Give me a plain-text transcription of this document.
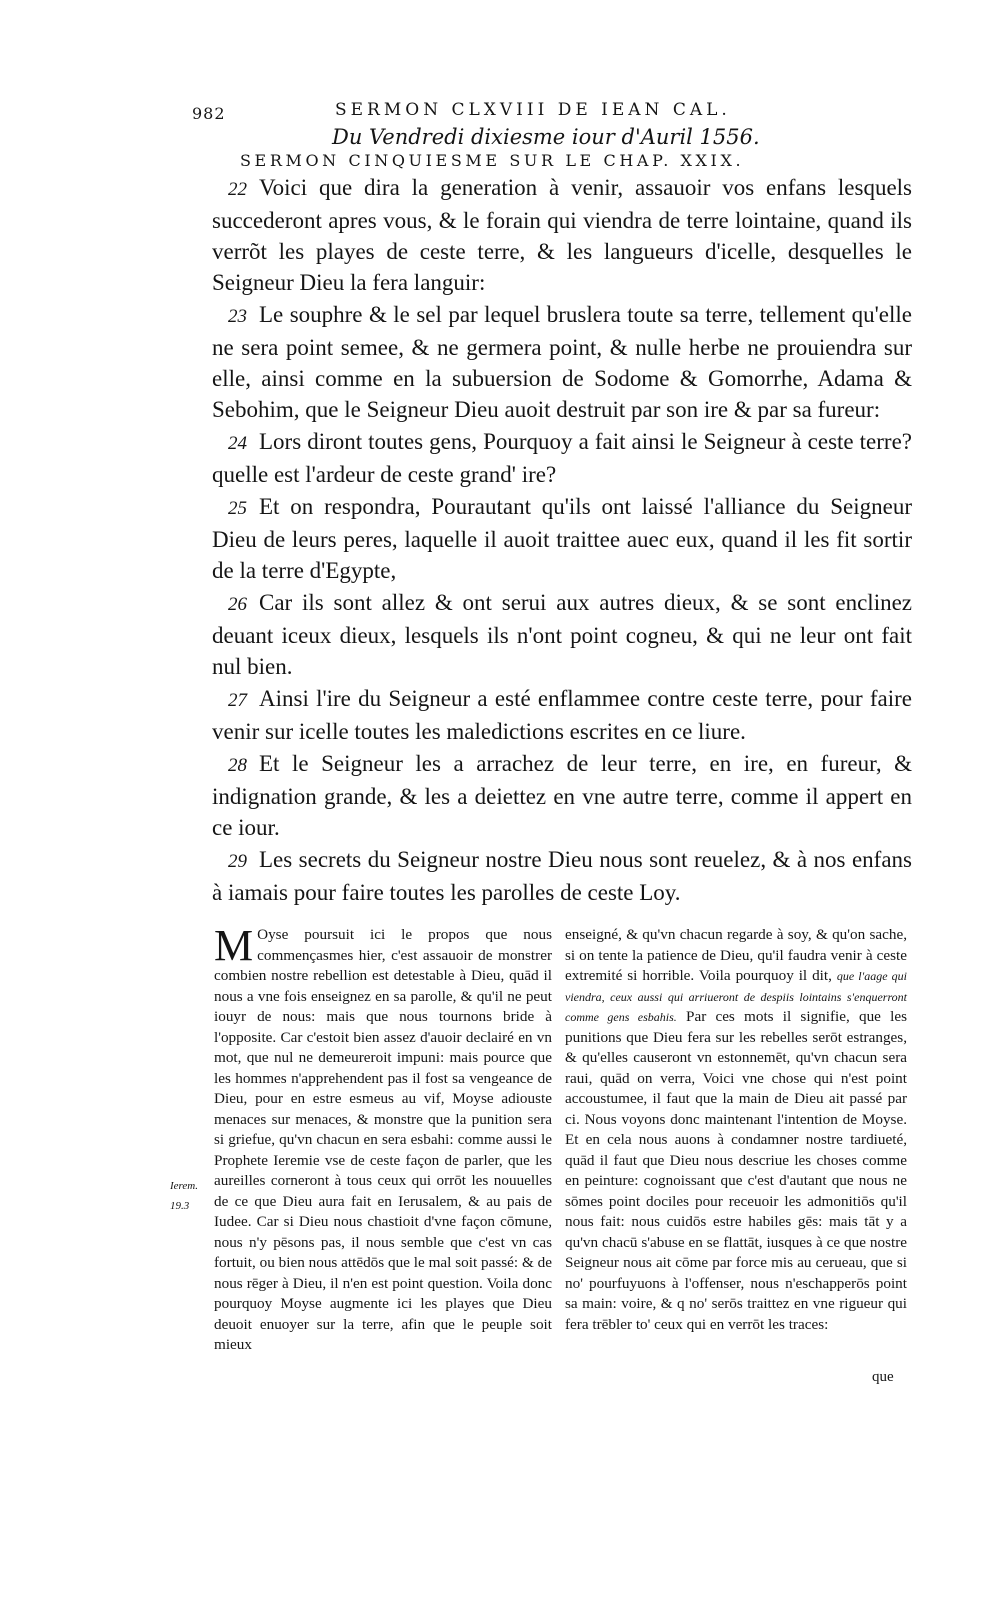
982	SERMON CLXVIII DE IEAN CAL.
Du Vendredi dixiesme iour d'Auril 1556.
SERMON CINQUIESME SUR LE CHAP. XXIX.

22 Voici que dira la generation à venir, assauoir vos enfans lesquels succederont apres vous, & le forain qui viendra de terre lointaine, quand ils verrõt les playes de ceste terre, & les langueurs d'icelle, desquelles le Seigneur Dieu la fera languir:

23 Le souphre & le sel par lequel bruslera toute sa terre, tellement qu'elle ne sera point semee, & ne germera point, & nulle herbe ne prouiendra sur elle, ainsi comme en la subuersion de Sodome & Gomorrhe, Adama & Sebohim, que le Seigneur Dieu auoit destruit par son ire & par sa fureur:

24 Lors diront toutes gens, Pourquoy a fait ainsi le Seigneur à ceste terre? quelle est l'ardeur de ceste grand' ire?

25 Et on respondra, Pourautant qu'ils ont laissé l'alliance du Seigneur Dieu de leurs peres, laquelle il auoit traittee auec eux, quand il les fit sortir de la terre d'Egypte,

26 Car ils sont allez & ont serui aux autres dieux, & se sont enclinez deuant iceux dieux, lesquels ils n'ont point cogneu, & qui ne leur ont fait nul bien.

27 Ainsi l'ire du Seigneur a esté enflammee contre ceste terre, pour faire venir sur icelle toutes les maledictions escrites en ce liure.

28 Et le Seigneur les a arrachez de leur terre, en ire, en fureur, & indignation grande, & les a deiettez en vne autre terre, comme il appert en ce iour.

29 Les secrets du Seigneur nostre Dieu nous sont reuelez, & à nos enfans à iamais pour faire toutes les parolles de ceste Loy.

M Oyse poursuit ici le propos que nous commençasmes hier, c'est assauoir de monstrer combien nostre rebellion est detestable à Dieu, quād il nous a vne fois enseignez en sa parolle, & qu'il ne peut iouyr de nous: mais que nous tournons bride à l'opposite. Car c'estoit bien assez d'auoir declairé en vn mot, que nul ne demeureroit impuni: mais pource que les hommes n'apprehendent pas il fost sa vengeance de Dieu, pour en estre esmeus au vif, Moyse adiouste menaces sur menaces, & monstre que la punition sera si griefue, qu'vn chacun en sera esbahi: comme aussi le Prophete Ieremie vse de ceste façon de parler, que les aureilles corneront à tous ceux qui orrōt les nouuelles de ce que Dieu aura fait en Ierusalem, & au pais de Iudee. Car si Dieu nous chastioit d'vne façon cōmune, nous n'y pēsons pas, il nous semble que c'est vn cas fortuit, ou bien nous attēdōs que le mal soit passé: & de nous rēger à Dieu, il n'en est point question. Voila donc pourquoy Moyse augmente ici les playes que Dieu deuoit enuoyer sur la terre, afin que le peuple soit mieux
enseigné, & qu'vn chacun regarde à soy, & qu'on sache, si on tente la patience de Dieu, qu'il faudra venir à ceste extremité si horrible. Voila pourquoy il dit, que l'aage qui viendra, ceux aussi qui arriueront de despiis lointains s'enquerront comme gens esbahis. Par ces mots il signifie, que les punitions que Dieu fera sur les rebelles serōt estranges, & qu'elles causeront vn estonnemēt, qu'vn chacun sera raui, quād on verra, Voici vne chose qui n'est point accoustumee, il faut que la main de Dieu ait passé par ci. Nous voyons donc maintenant l'intention de Moyse. Et en cela nous auons à condamner nostre tardiueté, quād il faut que Dieu nous descriue les choses comme en peinture: cognoissant que c'est d'autant que nous ne sōmes point dociles pour receuoir les admonitiōs qu'il nous fait: nous cuidōs estre habiles gēs: mais tāt y a qu'vn chacū s'abuse en se flattāt, iusques à ce que nostre Seigneur nous ait cōme par force mis au cerueau, que si no' pourfuyuons à l'offenser, nous n'eschapperōs point sa main: voire, & q no' serōs traittez en vne rigueur qui fera trēbler to' ceux qui en verrōt les traces:
que
Ierem.
19.3
